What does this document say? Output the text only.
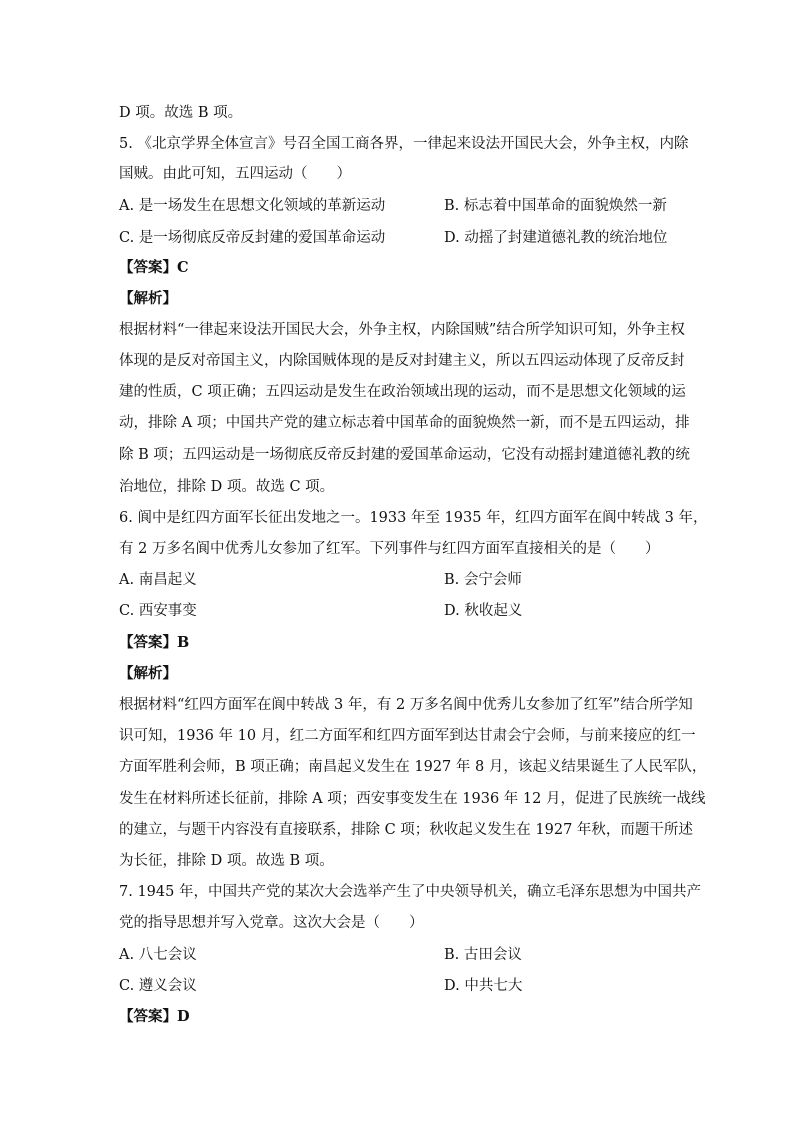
D 项。故选 B 项。
5. 《北京学界全体宣言》号召全国工商各界，一律起来设法开国民大会，外争主权，内除
国贼。由此可知，五四运动（　　）
A. 是一场发生在思想文化领域的革新运动	B. 标志着中国革命的面貌焕然一新
C. 是一场彻底反帝反封建的爱国革命运动	D. 动摇了封建道德礼教的统治地位
【答案】C
【解析】
根据材料“一律起来设法开国民大会，外争主权，内除国贼”结合所学知识可知，外争主权
体现的是反对帝国主义，内除国贼体现的是反对封建主义，所以五四运动体现了反帝反封
建的性质，C 项正确；五四运动是发生在政治领域出现的运动，而不是思想文化领域的运
动，排除 A 项；中国共产党的建立标志着中国革命的面貌焕然一新，而不是五四运动，排
除 B 项；五四运动是一场彻底反帝反封建的爱国革命运动，它没有动摇封建道德礼教的统
治地位，排除 D 项。故选 C 项。
6. 阆中是红四方面军长征出发地之一。1933 年至 1935 年，红四方面军在阆中转战 3 年，
有 2 万多名阆中优秀儿女参加了红军。下列事件与红四方面军直接相关的是（　　）
A. 南昌起义	B. 会宁会师
C. 西安事变	D. 秋收起义
【答案】B
【解析】
根据材料“红四方面军在阆中转战 3 年，有 2 万多名阆中优秀儿女参加了红军”结合所学知
识可知，1936 年 10 月，红二方面军和红四方面军到达甘肃会宁会师，与前来接应的红一
方面军胜利会师，B 项正确；南昌起义发生在 1927 年 8 月，该起义结果诞生了人民军队，
发生在材料所述长征前，排除 A 项；西安事变发生在 1936 年 12 月，促进了民族统一战线
的建立，与题干内容没有直接联系，排除 C 项；秋收起义发生在 1927 年秋，而题干所述
为长征，排除 D 项。故选 B 项。
7. 1945 年，中国共产党的某次大会选举产生了中央领导机关，确立毛泽东思想为中国共产
党的指导思想并写入党章。这次大会是（　　）
A. 八七会议	B. 古田会议
C. 遵义会议	D. 中共七大
【答案】D
